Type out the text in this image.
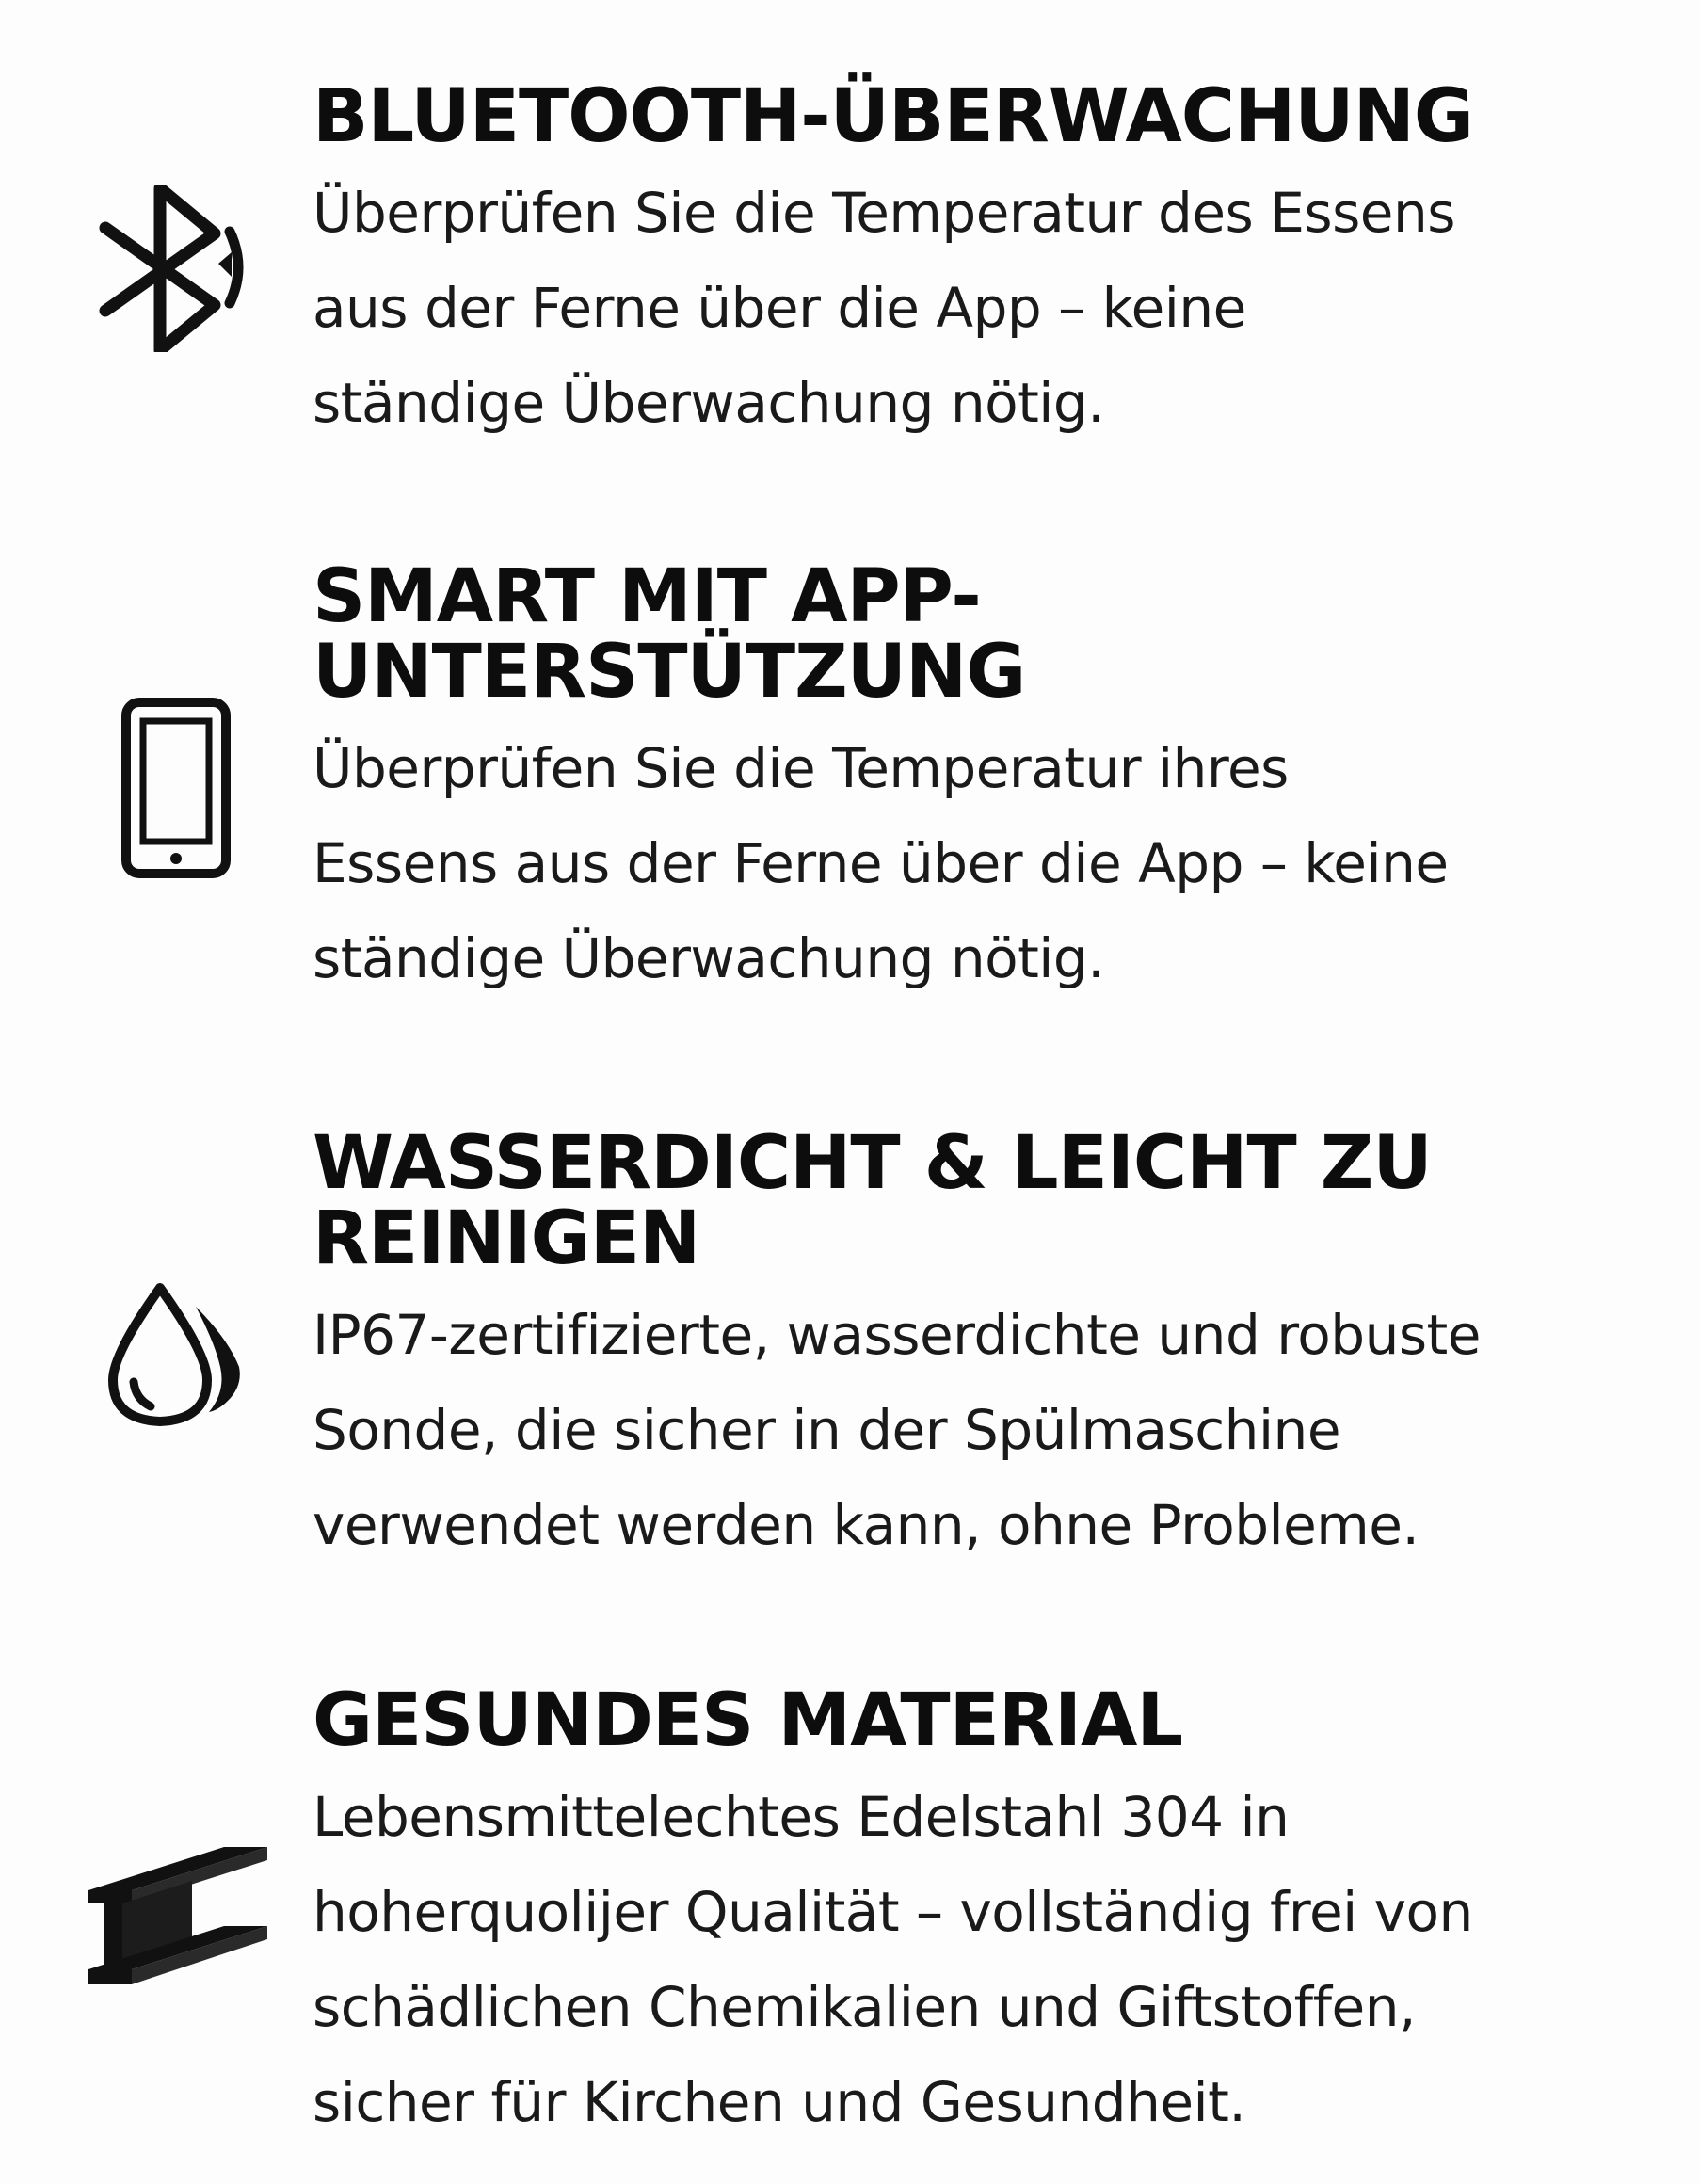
BLUETOOTH-ÜBERWACHUNG

Überprüfen Sie die Temperatur des Essens
aus der Ferne über die App – keine
ständige Überwachung nötig.

SMART MIT APP-
UNTERSTÜTZUNG

Überprüfen Sie die Temperatur ihres
Essens aus der Ferne über die App – keine
ständige Überwachung nötig.

WASSERDICHT & LEICHT ZU
REINIGEN

IP67-zertifizierte, wasserdichte und robuste
Sonde, die sicher in der Spülmaschine
verwendet werden kann, ohne Probleme.

GESUNDES MATERIAL

Lebensmittelechtes Edelstahl 304 in
hoherquolijer Qualität – vollständig frei von
schädlichen Chemikalien und Giftstoffen,
sicher für Kirchen und Gesundheit.
